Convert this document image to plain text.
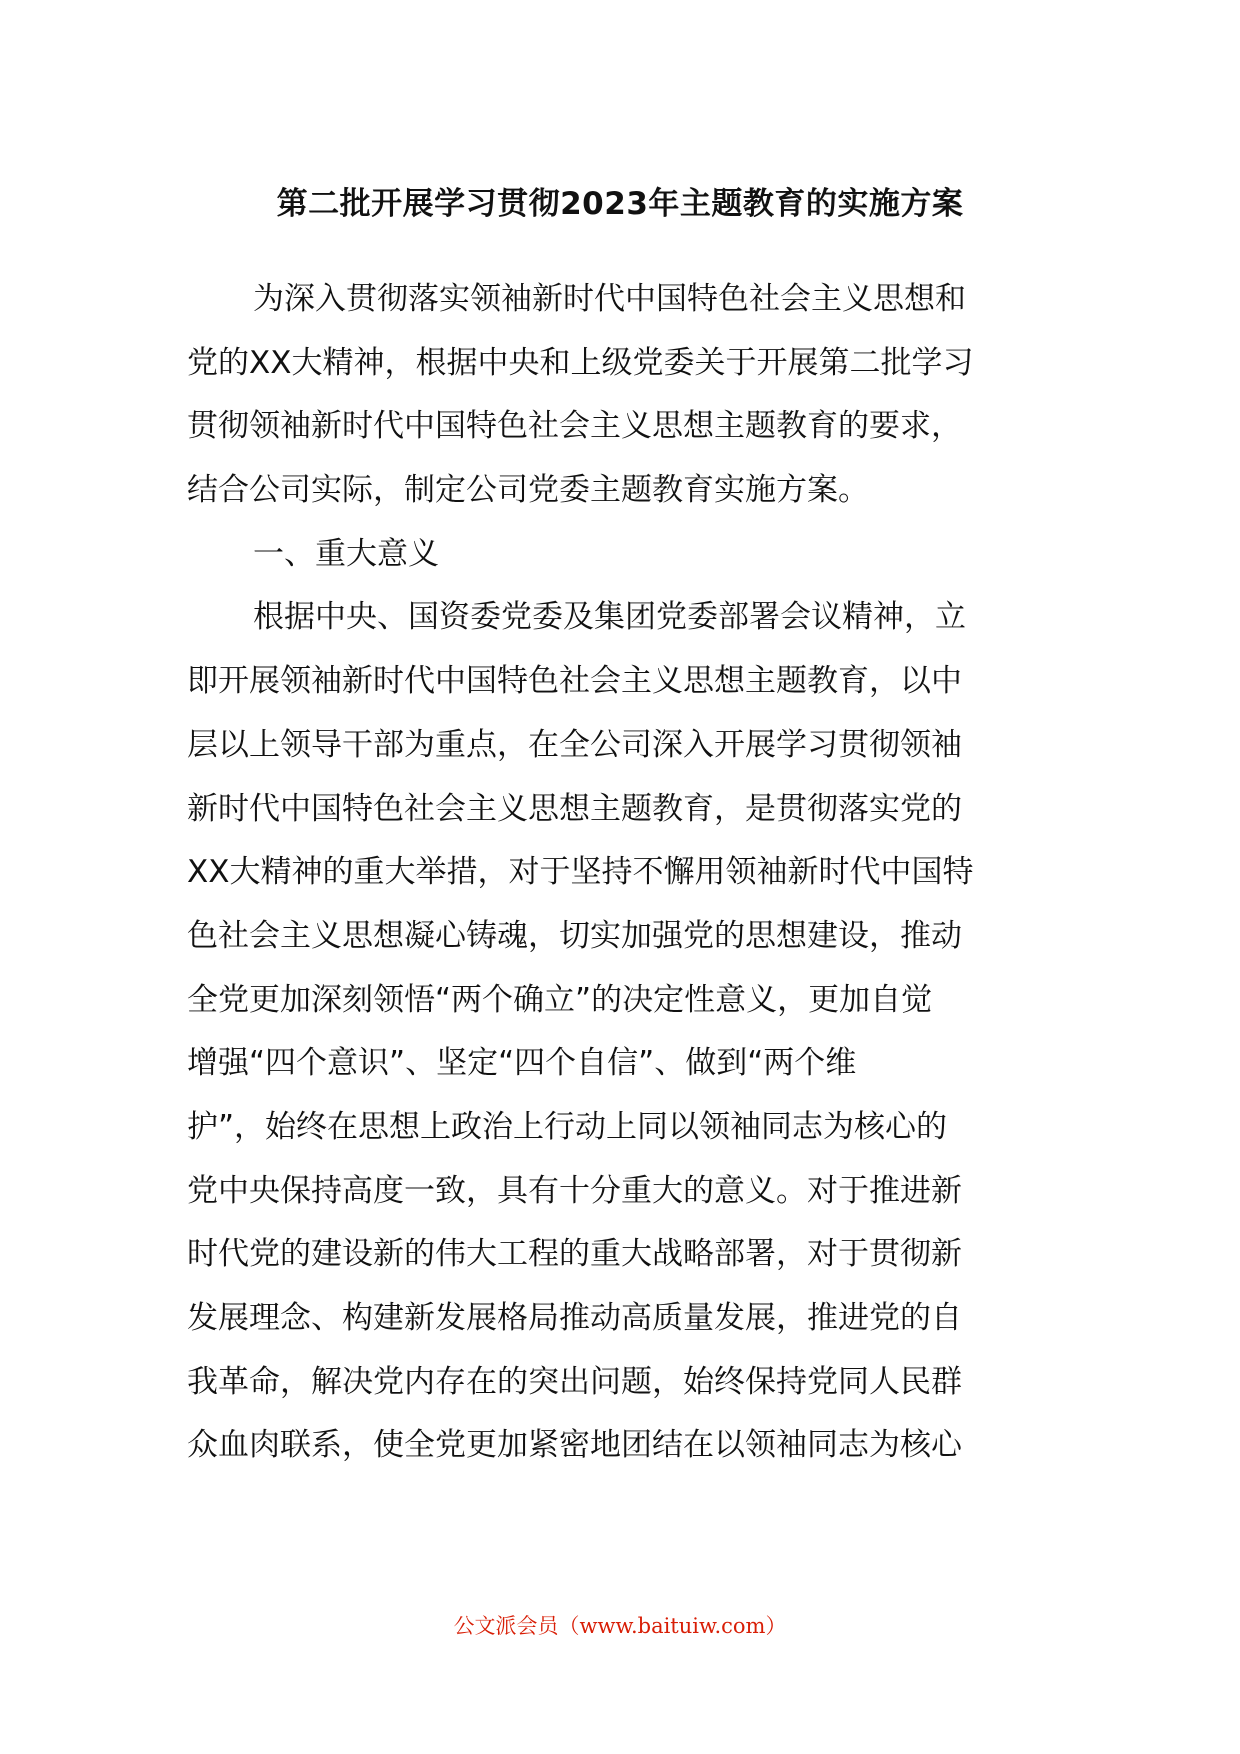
第二批开展学习贯彻2023年主题教育的实施方案
为深入贯彻落实领袖新时代中国特色社会主义思想和
党的XX大精神，根据中央和上级党委关于开展第二批学习
贯彻领袖新时代中国特色社会主义思想主题教育的要求，
结合公司实际，制定公司党委主题教育实施方案。
一、重大意义
根据中央、国资委党委及集团党委部署会议精神，立
即开展领袖新时代中国特色社会主义思想主题教育，以中
层以上领导干部为重点，在全公司深入开展学习贯彻领袖
新时代中国特色社会主义思想主题教育，是贯彻落实党的
XX大精神的重大举措，对于坚持不懈用领袖新时代中国特
色社会主义思想凝心铸魂，切实加强党的思想建设，推动
全党更加深刻领悟“两个确立”的决定性意义，更加自觉
增强“四个意识”、坚定“四个自信”、做到“两个维
护”，始终在思想上政治上行动上同以领袖同志为核心的
党中央保持高度一致，具有十分重大的意义。对于推进新
时代党的建设新的伟大工程的重大战略部署，对于贯彻新
发展理念、构建新发展格局推动高质量发展，推进党的自
我革命，解决党内存在的突出问题，始终保持党同人民群
众血肉联系，使全党更加紧密地团结在以领袖同志为核心
公文派会员（www.baituiw.com）
